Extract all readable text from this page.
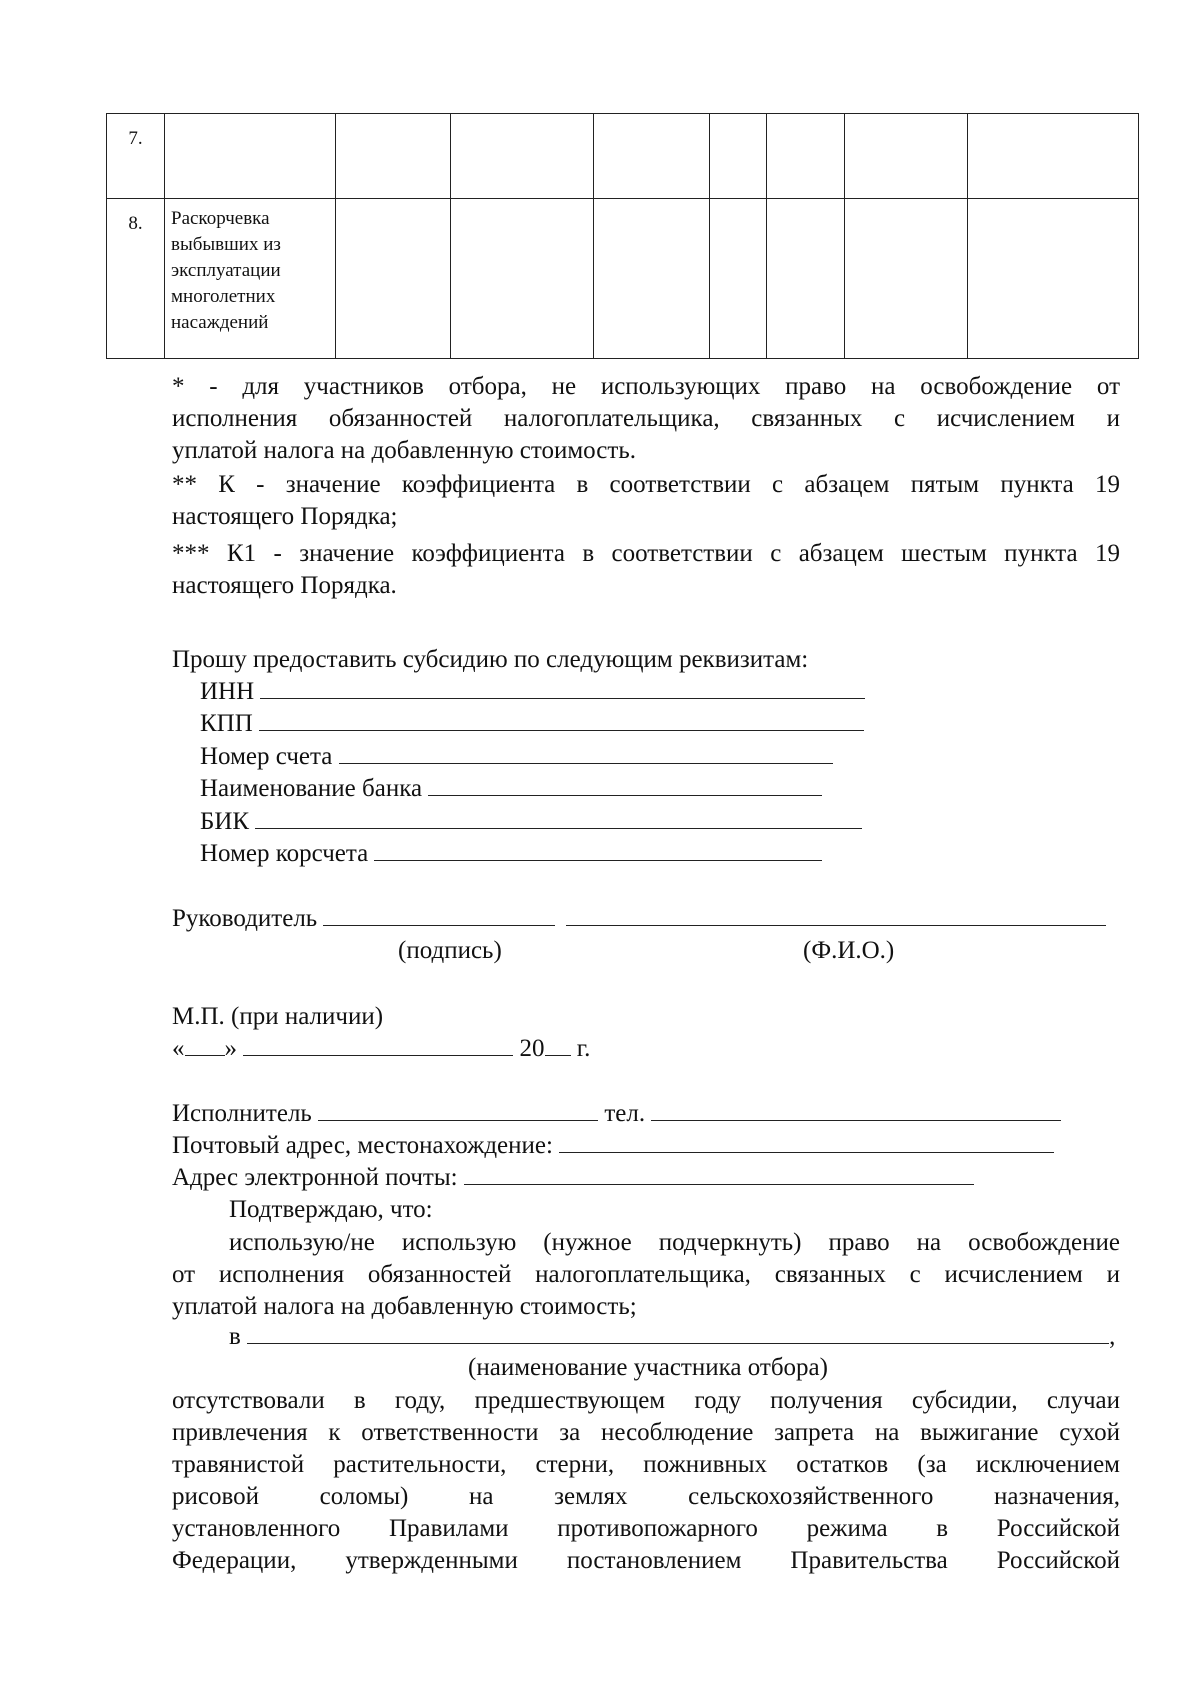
7.								
8.	Раскорчевка
выбывших из
эксплуатации
многолетних
насаждений							

* - для участников отбора, не использующих право на освобождение от
исполнения обязанностей налогоплательщика, связанных с исчислением и
уплатой налога на добавленную стоимость.
** К - значение коэффициента в соответствии с абзацем пятым пункта 19
настоящего Порядка;
*** К1 - значение коэффициента в соответствии с абзацем шестым пункта 19
настоящего Порядка.
Прошу предоставить субсидию по следующим реквизитам:
ИНН
КПП
Номер счета
Наименование банка
БИК
Номер корсчета
Руководитель
(подпись)	(Ф.И.О.)
М.П. (при наличии)
« »	20 г.
Исполнитель	тел.
Почтовый адрес, местонахождение:
Адрес электронной почты:
Подтверждаю, что:
использую/не использую (нужное подчеркнуть) право на освобождение
от исполнения обязанностей налогоплательщика, связанных с исчислением и
уплатой налога на добавленную стоимость;
в	,
(наименование участника отбора)
отсутствовали в году, предшествующем году получения субсидии, случаи
привлечения к ответственности за несоблюдение запрета на выжигание сухой
травянистой растительности, стерни, пожнивных остатков (за исключением
рисовой соломы) на землях сельскохозяйственного назначения,
установленного Правилами противопожарного режима в Российской
Федерации, утвержденными постановлением Правительства Российской
